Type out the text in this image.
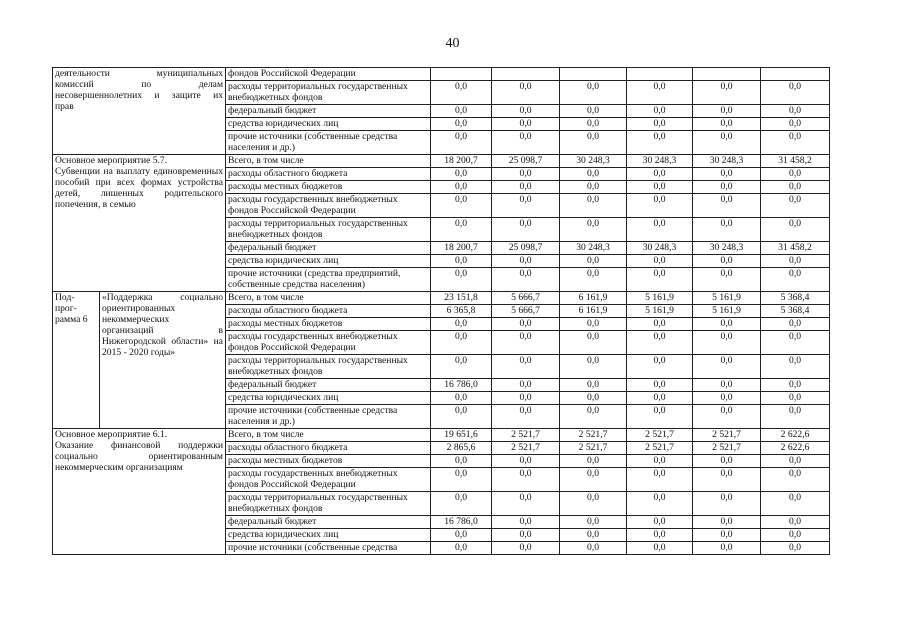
40
деятельности муниципальных
комиссий по делам
несовершеннолетних и защите их
прав		фондов Российской Федерации						
		расходы территориальных государственных внебюджетных фондов	0,0	0,0	0,0	0,0	0,0	0,0
		федеральный бюджет	0,0	0,0	0,0	0,0	0,0	0,0
		средства юридических лиц	0,0	0,0	0,0	0,0	0,0	0,0
		прочие источники (собственные средства населения и др.)	0,0	0,0	0,0	0,0	0,0	0,0

Основное мероприятие 5.7.
Субвенции на выплату единовременных пособий при всех формах устройства детей, лишенных родительского попечения, в семью		Всего, в том числе	18 200,7	25 098,7	30 248,3	30 248,3	30 248,3	31 458,2
		расходы областного бюджета	0,0	0,0	0,0	0,0	0,0	0,0
		расходы местных бюджетов	0,0	0,0	0,0	0,0	0,0	0,0
		расходы государственных внебюджетных фондов Российской Федерации	0,0	0,0	0,0	0,0	0,0	0,0
		расходы территориальных государственных внебюджетных фондов	0,0	0,0	0,0	0,0	0,0	0,0
		федеральный бюджет	18 200,7	25 098,7	30 248,3	30 248,3	30 248,3	31 458,2
		средства юридических лиц	0,0	0,0	0,0	0,0	0,0	0,0
		прочие источники (средства предприятий, собственные средства населения)	0,0	0,0	0,0	0,0	0,0	0,0

Под-
прог-
рамма 6	«Поддержка социально ориентированных некоммерческих организаций в Нижегородской области» на 2015 - 2020 годы»	Всего, в том числе	23 151,8	5 666,7	6 161,9	5 161,9	5 161,9	5 368,4
		расходы областного бюджета	6 365,8	5 666,7	6 161,9	5 161,9	5 161,9	5 368,4
		расходы местных бюджетов	0,0	0,0	0,0	0,0	0,0	0,0
		расходы государственных внебюджетных фондов Российской Федерации	0,0	0,0	0,0	0,0	0,0	0,0
		расходы территориальных государственных внебюджетных фондов	0,0	0,0	0,0	0,0	0,0	0,0
		федеральный бюджет	16 786,0	0,0	0,0	0,0	0,0	0,0
		средства юридических лиц	0,0	0,0	0,0	0,0	0,0	0,0
		прочие источники (собственные средства населения и др.)	0,0	0,0	0,0	0,0	0,0	0,0

Основное мероприятие 6.1.
Оказание финансовой поддержки социально ориентированным некоммерческим организациям		Всего, в том числе	19 651,6	2 521,7	2 521,7	2 521,7	2 521,7	2 622,6
		расходы областного бюджета	2 865,6	2 521,7	2 521,7	2 521,7	2 521,7	2 622,6
		расходы местных бюджетов	0,0	0,0	0,0	0,0	0,0	0,0
		расходы государственных внебюджетных фондов Российской Федерации	0,0	0,0	0,0	0,0	0,0	0,0
		расходы территориальных государственных внебюджетных фондов	0,0	0,0	0,0	0,0	0,0	0,0
		федеральный бюджет	16 786,0	0,0	0,0	0,0	0,0	0,0
		средства юридических лиц	0,0	0,0	0,0	0,0	0,0	0,0
		прочие источники (собственные средства	0,0	0,0	0,0	0,0	0,0	0,0
